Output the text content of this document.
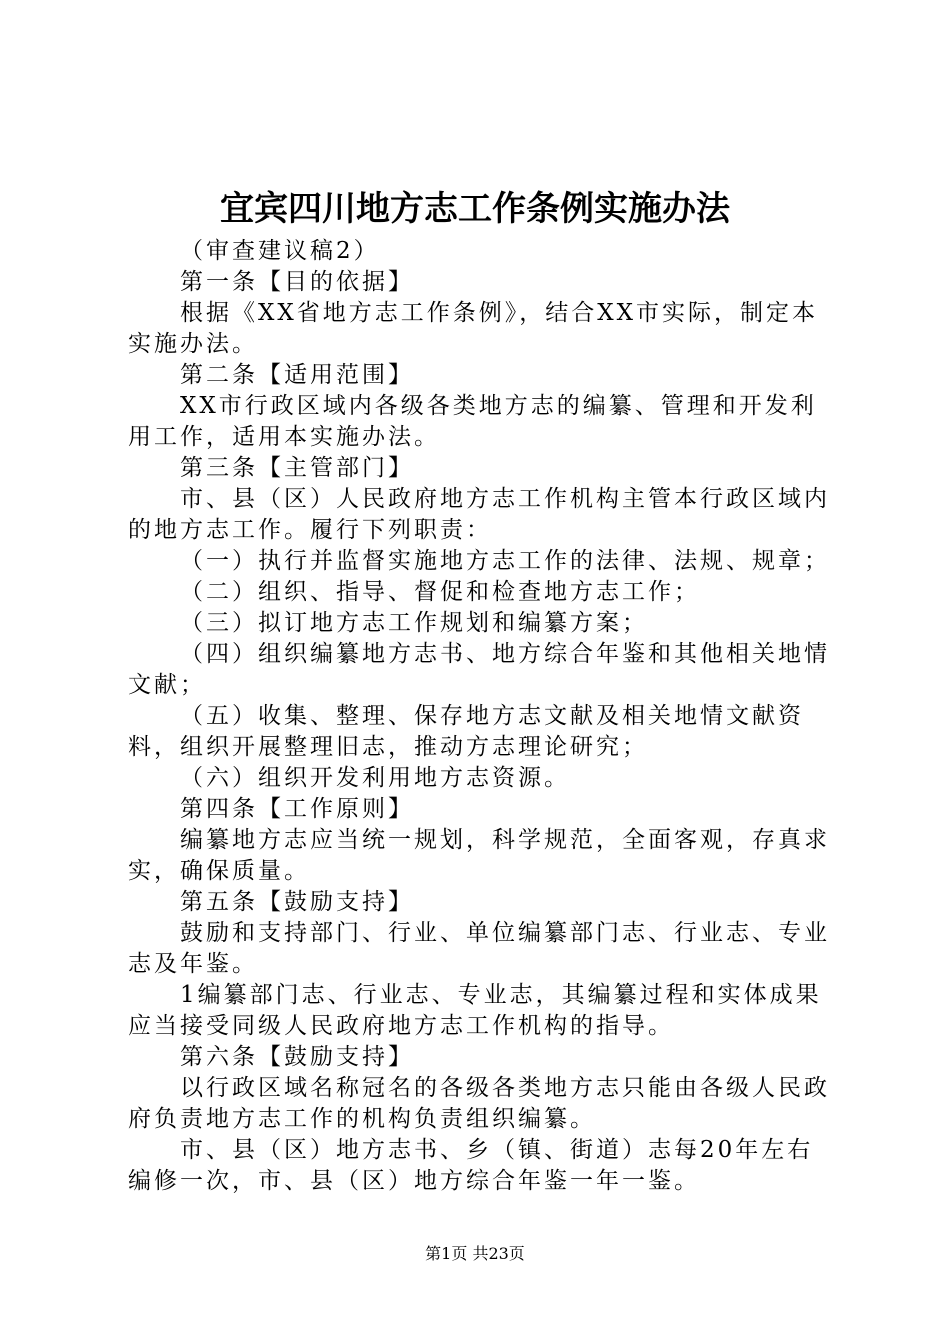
宜宾四川地方志工作条例实施办法

（审查建议稿2）

第一条【目的依据】

根据《XX省地方志工作条例》，结合XX市实际，制定本实施办法。

第二条【适用范围】

XX市行政区域内各级各类地方志的编纂、管理和开发利用工作，适用本实施办法。

第三条【主管部门】

市、县（区）人民政府地方志工作机构主管本行政区域内的地方志工作。履行下列职责：

（一）执行并监督实施地方志工作的法律、法规、规章；

（二）组织、指导、督促和检查地方志工作；

（三）拟订地方志工作规划和编纂方案；

（四）组织编纂地方志书、地方综合年鉴和其他相关地情文献；

（五）收集、整理、保存地方志文献及相关地情文献资料，组织开展整理旧志，推动方志理论研究；

（六）组织开发利用地方志资源。

第四条【工作原则】

编纂地方志应当统一规划，科学规范，全面客观，存真求实，确保质量。

第五条【鼓励支持】

鼓励和支持部门、行业、单位编纂部门志、行业志、专业志及年鉴。

1编纂部门志、行业志、专业志，其编纂过程和实体成果应当接受同级人民政府地方志工作机构的指导。

第六条【鼓励支持】

以行政区域名称冠名的各级各类地方志只能由各级人民政府负责地方志工作的机构负责组织编纂。

市、县（区）地方志书、乡（镇、街道）志每20年左右编修一次，市、县（区）地方综合年鉴一年一鉴。

第1页 共23页
